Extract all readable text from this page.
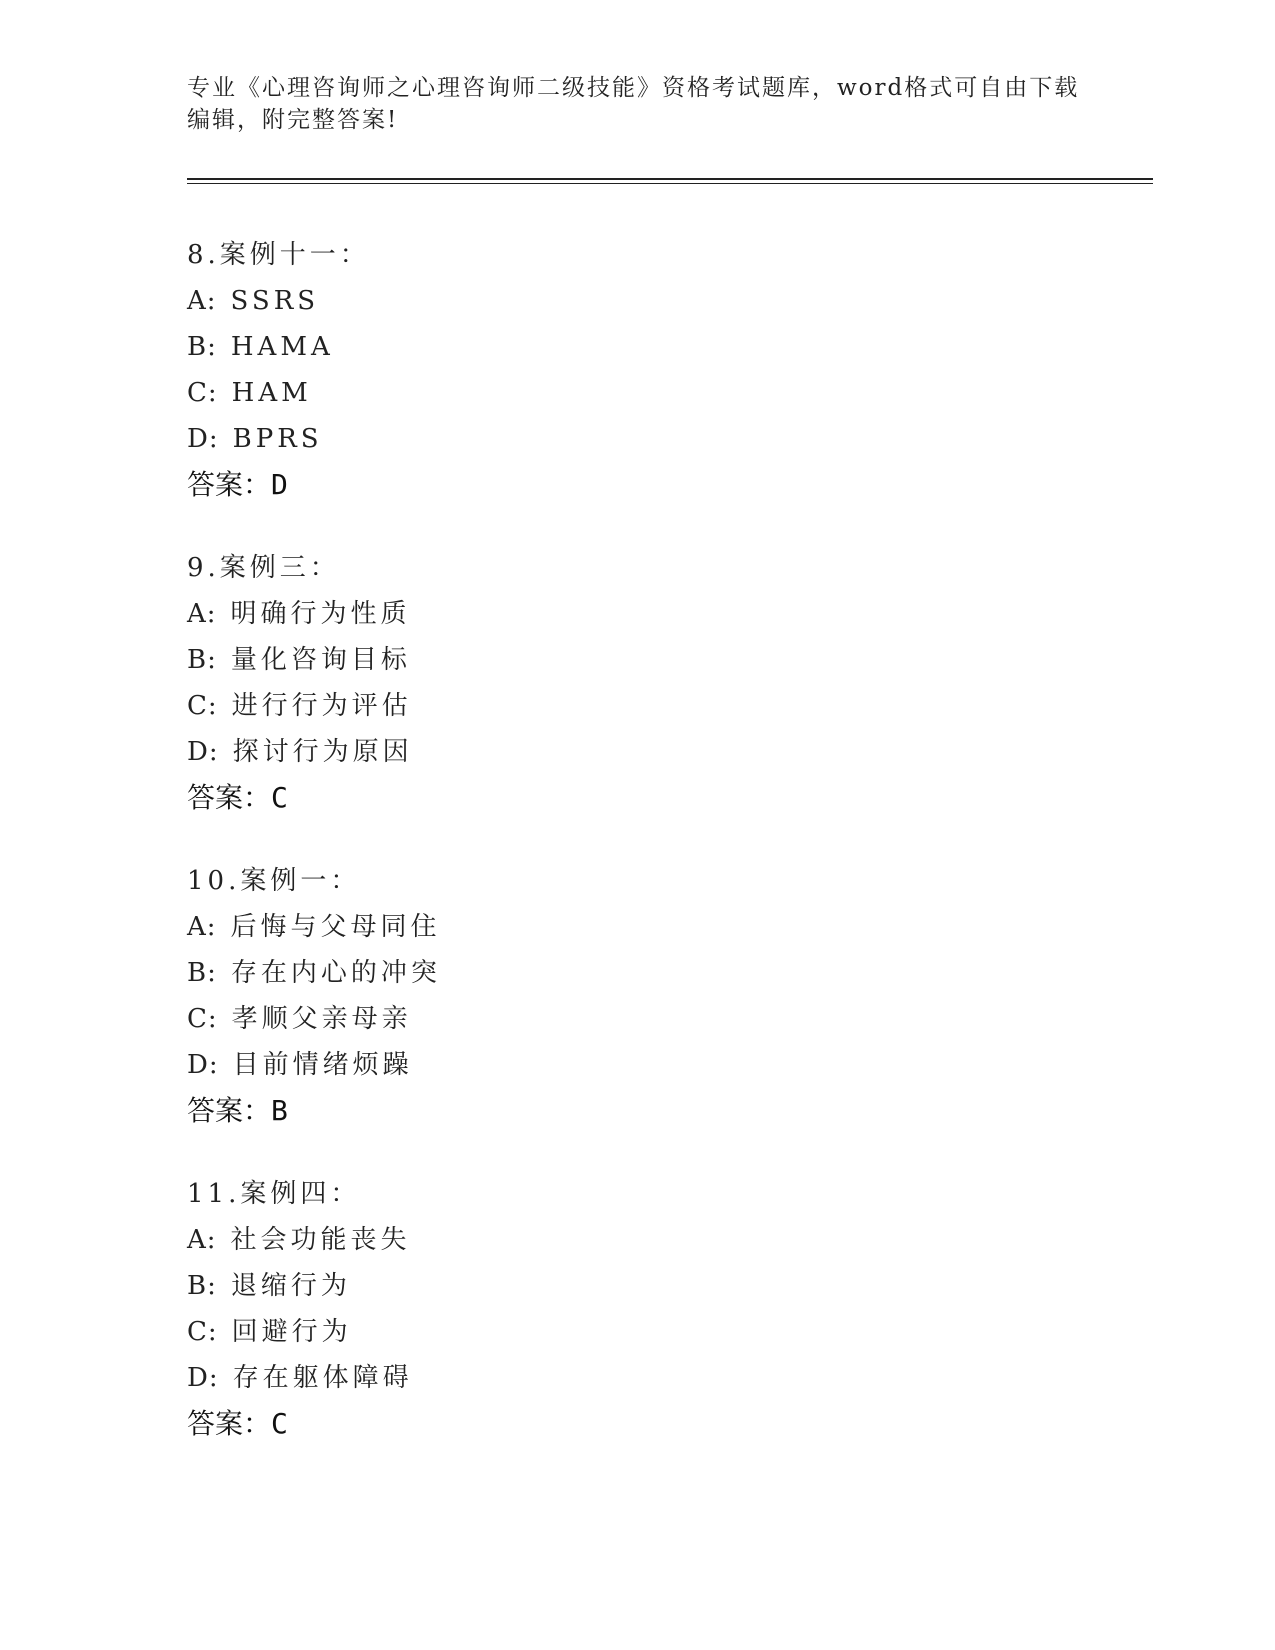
专业《心理咨询师之心理咨询师二级技能》资格考试题库，word格式可自由下载
编辑，附完整答案!
8.案例十一：
A: SSRS
B: HAMA
C: HAM
D: BPRS
答案：D
9.案例三：
A: 明确行为性质
B: 量化咨询目标
C: 进行行为评估
D: 探讨行为原因
答案：C
10.案例一：
A: 后悔与父母同住
B: 存在内心的冲突
C: 孝顺父亲母亲
D: 目前情绪烦躁
答案：B
11.案例四：
A: 社会功能丧失
B: 退缩行为
C: 回避行为
D: 存在躯体障碍
答案：C
